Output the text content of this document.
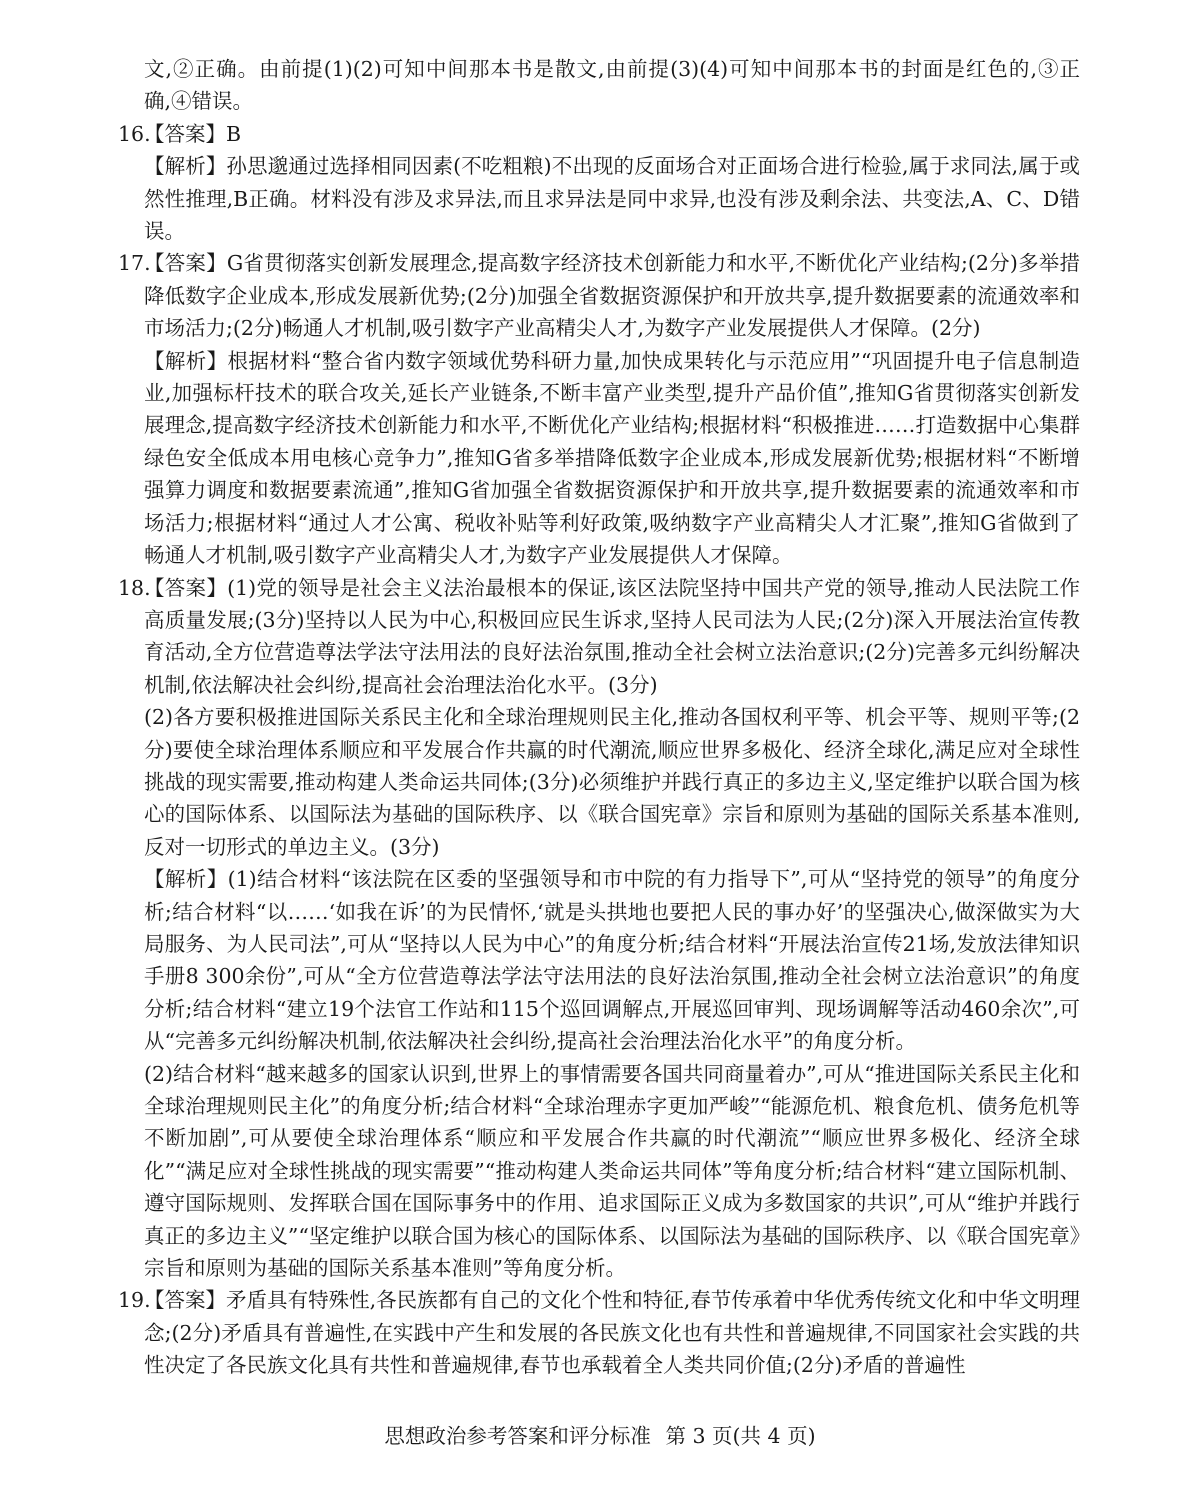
文,②正确。由前提(1)(2)可知中间那本书是散文,由前提(3)(4)可知中间那本书的封面是红色的,③正确,④错误。

16.

【答案】B

【解析】孙思邈通过选择相同因素(不吃粗粮)不出现的反面场合对正面场合进行检验,属于求同法,属于或然性推理,B正确。材料没有涉及求异法,而且求异法是同中求异,也没有涉及剩余法、共变法,A、C、D错误。

17.

【答案】G省贯彻落实创新发展理念,提高数字经济技术创新能力和水平,不断优化产业结构;(2分)多举措降低数字企业成本,形成发展新优势;(2分)加强全省数据资源保护和开放共享,提升数据要素的流通效率和市场活力;(2分)畅通人才机制,吸引数字产业高精尖人才,为数字产业发展提供人才保障。(2分)

【解析】根据材料“整合省内数字领域优势科研力量,加快成果转化与示范应用”“巩固提升电子信息制造业,加强标杆技术的联合攻关,延长产业链条,不断丰富产业类型,提升产品价值”,推知G省贯彻落实创新发展理念,提高数字经济技术创新能力和水平,不断优化产业结构;根据材料“积极推进……打造数据中心集群绿色安全低成本用电核心竞争力”,推知G省多举措降低数字企业成本,形成发展新优势;根据材料“不断增强算力调度和数据要素流通”,推知G省加强全省数据资源保护和开放共享,提升数据要素的流通效率和市场活力;根据材料“通过人才公寓、税收补贴等利好政策,吸纳数字产业高精尖人才汇聚”,推知G省做到了畅通人才机制,吸引数字产业高精尖人才,为数字产业发展提供人才保障。

18.

【答案】(1)党的领导是社会主义法治最根本的保证,该区法院坚持中国共产党的领导,推动人民法院工作高质量发展;(3分)坚持以人民为中心,积极回应民生诉求,坚持人民司法为人民;(2分)深入开展法治宣传教育活动,全方位营造尊法学法守法用法的良好法治氛围,推动全社会树立法治意识;(2分)完善多元纠纷解决机制,依法解决社会纠纷,提高社会治理法治化水平。(3分)

(2)各方要积极推进国际关系民主化和全球治理规则民主化,推动各国权利平等、机会平等、规则平等;(2分)要使全球治理体系顺应和平发展合作共赢的时代潮流,顺应世界多极化、经济全球化,满足应对全球性挑战的现实需要,推动构建人类命运共同体;(3分)必须维护并践行真正的多边主义,坚定维护以联合国为核心的国际体系、以国际法为基础的国际秩序、以《联合国宪章》宗旨和原则为基础的国际关系基本准则,反对一切形式的单边主义。(3分)

【解析】(1)结合材料“该法院在区委的坚强领导和市中院的有力指导下”,可从“坚持党的领导”的角度分析;结合材料“以……‘如我在诉’的为民情怀,‘就是头拱地也要把人民的事办好’的坚强决心,做深做实为大局服务、为人民司法”,可从“坚持以人民为中心”的角度分析;结合材料“开展法治宣传21场,发放法律知识手册8 300余份”,可从“全方位营造尊法学法守法用法的良好法治氛围,推动全社会树立法治意识”的角度分析;结合材料“建立19个法官工作站和115个巡回调解点,开展巡回审判、现场调解等活动460余次”,可从“完善多元纠纷解决机制,依法解决社会纠纷,提高社会治理法治化水平”的角度分析。

(2)结合材料“越来越多的国家认识到,世界上的事情需要各国共同商量着办”,可从“推进国际关系民主化和全球治理规则民主化”的角度分析;结合材料“全球治理赤字更加严峻”“能源危机、粮食危机、债务危机等不断加剧”,可从要使全球治理体系“顺应和平发展合作共赢的时代潮流”“顺应世界多极化、经济全球化”“满足应对全球性挑战的现实需要”“推动构建人类命运共同体”等角度分析;结合材料“建立国际机制、遵守国际规则、发挥联合国在国际事务中的作用、追求国际正义成为多数国家的共识”,可从“维护并践行真正的多边主义”“坚定维护以联合国为核心的国际体系、以国际法为基础的国际秩序、以《联合国宪章》宗旨和原则为基础的国际关系基本准则”等角度分析。

19.

【答案】矛盾具有特殊性,各民族都有自己的文化个性和特征,春节传承着中华优秀传统文化和中华文明理念;(2分)矛盾具有普遍性,在实践中产生和发展的各民族文化也有共性和普遍规律,不同国家社会实践的共性决定了各民族文化具有共性和普遍规律,春节也承载着全人类共同价值;(2分)矛盾的普遍性

思想政治参考答案和评分标准 第 3 页(共 4 页)
